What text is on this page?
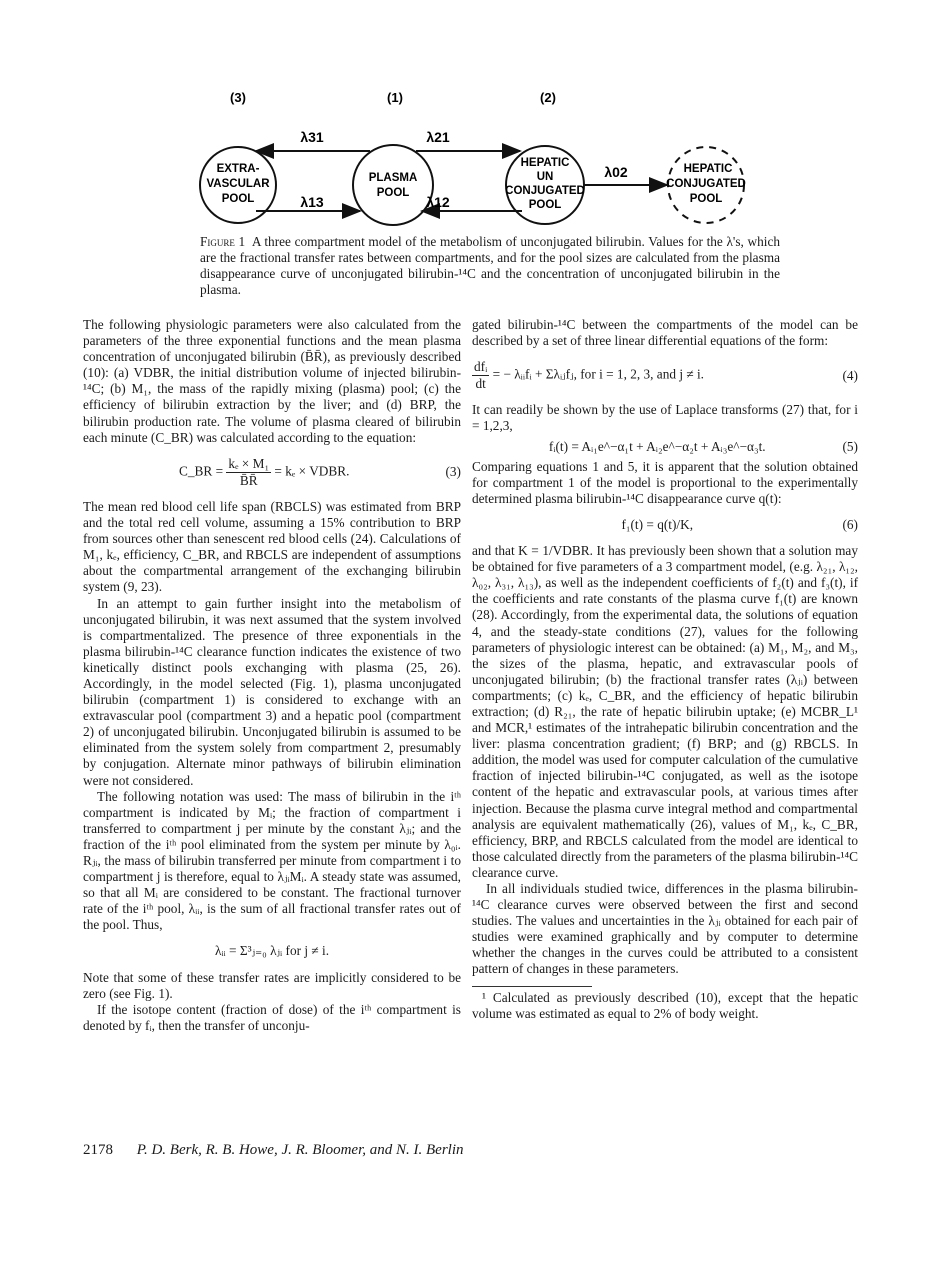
(3)	(1)	(2)
EXTRA-
VASCULAR
POOL
PLASMA
POOL
HEPATIC
UN
CONJUGATED
POOL
HEPATIC
CONJUGATED
POOL
λ31
λ13
λ21
λ12
λ02
Figure 1 A three compartment model of the metabolism of unconjugated bilirubin. Values for the λ's, which are the fractional transfer rates between compartments, and for the pool sizes are calculated from the plasma disappearance curve of unconjugated bilirubin-¹⁴C and the concentration of unconjugated bilirubin in the plasma.

The following physiologic parameters were also calculated from the parameters of the three exponential functions and the mean plasma concentration of unconjugated bilirubin (B̄R̄), as previously described (10): (a) VDBR, the initial distribution volume of injected bilirubin-¹⁴C; (b) M₁, the mass of the rapidly mixing (plasma) pool; (c) the efficiency of bilirubin extraction by the liver; and (d) BRP, the bilirubin production rate. The volume of plasma cleared of bilirubin each minute (C_BR) was calculated according to the equation:

C_BR = $\frac{\text{kₑ × M₁}}{B̄R̄} = k_e$ × VDBR.	(3)

The mean red blood cell life span (RBCLS) was estimated from BRP and the total red cell volume, assuming a 15% contribution to BRP from sources other than senescent red blood cells (24). Calculations of M₁, kₑ, efficiency, C_BR, and RBCLS are independent of assumptions about the compartmental arrangement of the exchanging bilirubin system (9, 23).

In an attempt to gain further insight into the metabolism of unconjugated bilirubin, it was next assumed that the system involved is compartmentalized. The presence of three exponentials in the plasma bilirubin-¹⁴C clearance function indicates the existence of two kinetically distinct pools exchanging with plasma (25, 26). Accordingly, in the model selected (Fig. 1), plasma unconjugated bilirubin (compartment 1) is considered to exchange with an extravascular pool (compartment 3) and a hepatic pool (compartment 2) of unconjugated bilirubin. Unconjugated bilirubin is assumed to be eliminated from the system solely from compartment 2, presumably by conjugation. Alternate minor pathways of bilirubin elimination were not considered.

The following notation was used: The mass of bilirubin in the iᵗʰ compartment is indicated by Mᵢ; the fraction of compartment i transferred to compartment j per minute by the constant λⱼᵢ; and the fraction of the iᵗʰ pool eliminated from the system per minute by λ₀ᵢ. Rⱼᵢ, the mass of bilirubin transferred per minute from compartment i to compartment j is therefore, equal to λⱼᵢMᵢ. A steady state was assumed, so that all Mᵢ are considered to be constant. The fractional turnover rate of the iᵗʰ pool, λᵢᵢ, is the sum of all fractional transfer rates out of the pool. Thus,

λᵢᵢ = Σ³ⱼ₌₀ λⱼᵢ for j ≠ i.

Note that some of these transfer rates are implicitly considered to be zero (see Fig. 1).

If the isotope content (fraction of dose) of the iᵗʰ compartment is denoted by fᵢ, then the transfer of unconju-

gated bilirubin-¹⁴C between the compartments of the model can be described by a set of three linear differential equations of the form:

dfᵢ
dt
= − λᵢᵢfᵢ + Σλᵢⱼfⱼ, for i = 1, 2, 3, and j ≠ i.	(4)

It can readily be shown by the use of Laplace transforms (27) that, for i = 1,2,3,

fᵢ(t) = Aᵢ₁e^−α₁t + Aᵢ₂e^−α₂t + Aᵢ₃e^−α₃t.	(5)

Comparing equations 1 and 5, it is apparent that the solution obtained for compartment 1 of the model is proportional to the experimentally determined plasma bilirubin-¹⁴C disappearance curve q(t):

f₁(t) = q(t)/K,	(6)

and that K = 1/VDBR. It has previously been shown that a solution may be obtained for five parameters of a 3 compartment model, (e.g. λ₂₁, λ₁₂, λ₀₂, λ₃₁, λ₁₃), as well as the independent coefficients of f₂(t) and f₃(t), if the coefficients and rate constants of the plasma curve f₁(t) are known (28). Accordingly, from the experimental data, the solutions of equation 4, and the steady-state conditions (27), values for the following parameters of physiologic interest can be obtained: (a) M₁, M₂, and M₃, the sizes of the plasma, hepatic, and extravascular pools of unconjugated bilirubin; (b) the fractional transfer rates (λⱼᵢ) between compartments; (c) kₑ, C_BR, and the efficiency of hepatic bilirubin extraction; (d) R₂₁, the rate of hepatic bilirubin uptake; (e) MCBR_L¹ and MCR,¹ estimates of the intrahepatic bilirubin concentration and the liver: plasma concentration gradient; (f) BRP; and (g) RBCLS. In addition, the model was used for computer calculation of the cumulative fraction of injected bilirubin-¹⁴C conjugated, as well as the isotope content of the hepatic and extravascular pools, at various times after injection. Because the plasma curve integral method and compartmental analysis are equivalent mathematically (26), values of M₁, kₑ, C_BR, efficiency, BRP, and RBCLS calculated from the model are identical to those calculated directly from the parameters of the plasma bilirubin-¹⁴C clearance curve.

In all individuals studied twice, differences in the plasma bilirubin-¹⁴C clearance curves were observed between the first and second studies. The values and uncertainties in the λⱼᵢ obtained for each pair of studies were examined graphically and by computer to determine whether the changes in the curves could be attributed to a consistent pattern of changes in these parameters.

¹ Calculated as previously described (10), except that the hepatic volume was estimated as equal to 2% of body weight.

2178 P. D. Berk, R. B. Howe, J. R. Bloomer, and N. I. Berlin
